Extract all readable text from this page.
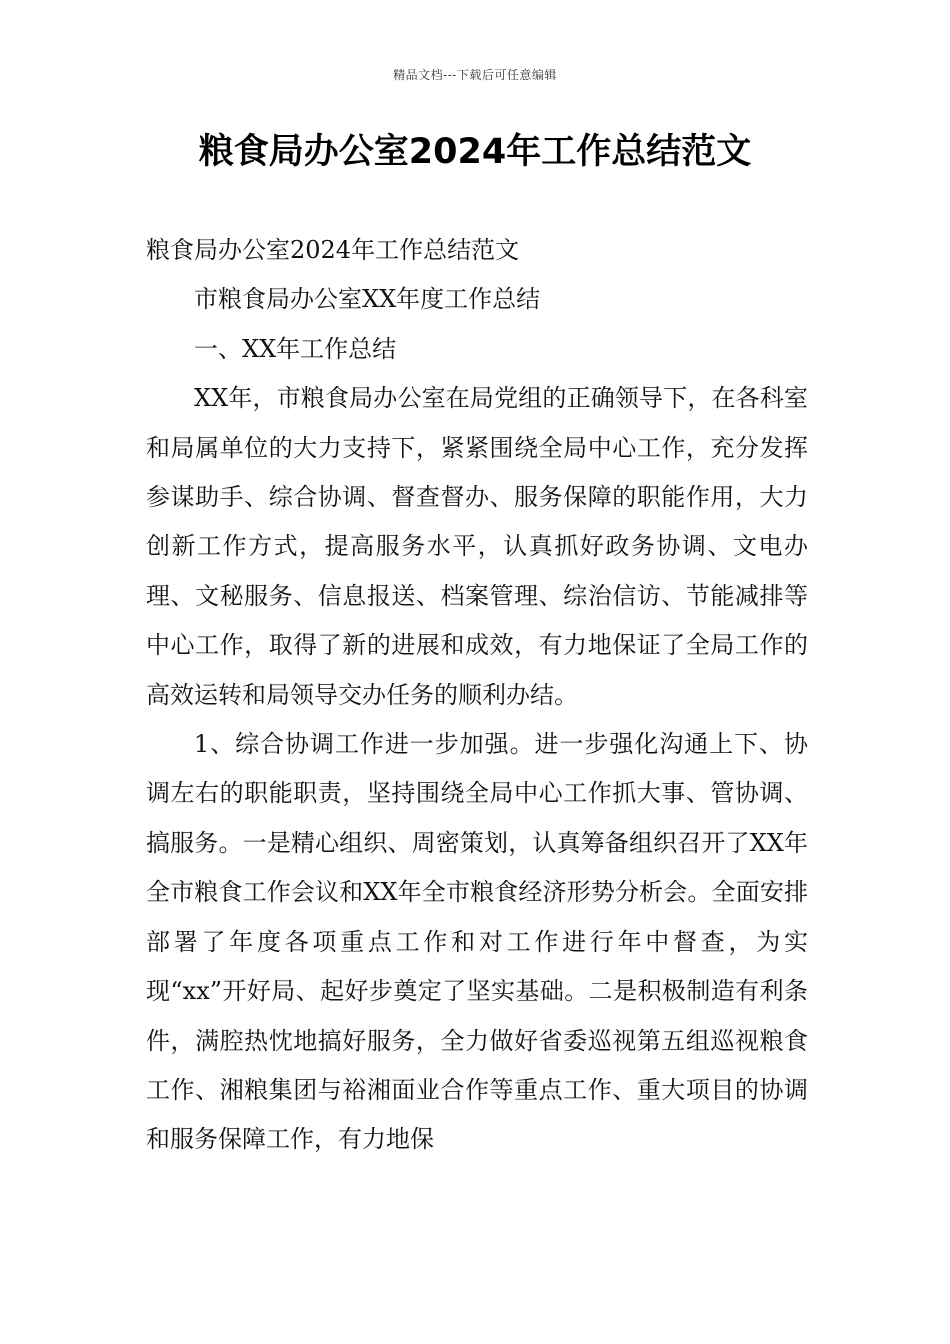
精品文档---下载后可任意编辑
粮食局办公室2024年工作总结范文

粮食局办公室2024年工作总结范文

市粮食局办公室XX年度工作总结

一、XX年工作总结

XX年，市粮食局办公室在局党组的正确领导下，在各科室和局属单位的大力支持下，紧紧围绕全局中心工作，充分发挥参谋助手、综合协调、督查督办、服务保障的职能作用，大力创新工作方式，提高服务水平，认真抓好政务协调、文电办理、文秘服务、信息报送、档案管理、综治信访、节能减排等中心工作，取得了新的进展和成效，有力地保证了全局工作的高效运转和局领导交办任务的顺利办结。

1、综合协调工作进一步加强。进一步强化沟通上下、协调左右的职能职责，坚持围绕全局中心工作抓大事、管协调、搞服务。一是精心组织、周密策划，认真筹备组织召开了XX年全市粮食工作会议和XX年全市粮食经济形势分析会。全面安排部署了年度各项重点工作和对工作进行年中督查，为实现“xx”开好局、起好步奠定了坚实基础。二是积极制造有利条件，满腔热忱地搞好服务，全力做好省委巡视第五组巡视粮食工作、湘粮集团与裕湘面业合作等重点工作、重大项目的协调和服务保障工作，有力地保
